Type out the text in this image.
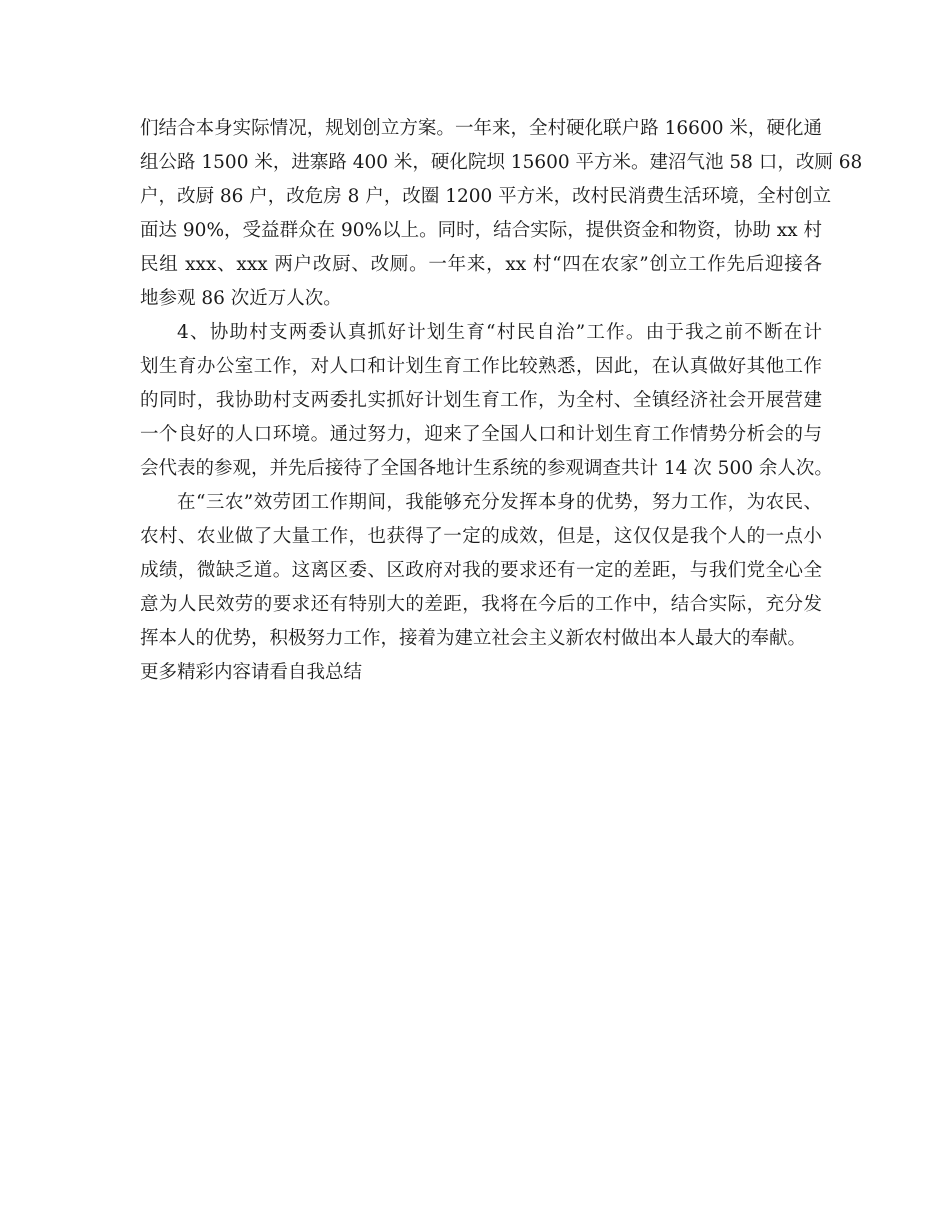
们结合本身实际情况，规划创立方案。一年来，全村硬化联户路 16600 米，硬化通
组公路 1500 米，进寨路 400 米，硬化院坝 15600 平方米。建沼气池 58 口，改厕 68
户，改厨 86 户，改危房 8 户，改圈 1200 平方米，改村民消费生活环境，全村创立
面达 90%，受益群众在 90%以上。同时，结合实际，提供资金和物资，协助 xx 村
民组 xxx、xxx 两户改厨、改厕。一年来，xx 村“四在农家”创立工作先后迎接各
地参观 86 次近万人次。
4、协助村支两委认真抓好计划生育“村民自治”工作。由于我之前不断在计
划生育办公室工作，对人口和计划生育工作比较熟悉，因此，在认真做好其他工作
的同时，我协助村支两委扎实抓好计划生育工作，为全村、全镇经济社会开展营建
一个良好的人口环境。通过努力，迎来了全国人口和计划生育工作情势分析会的与
会代表的参观，并先后接待了全国各地计生系统的参观调查共计 14 次 500 余人次。
在“三农”效劳团工作期间，我能够充分发挥本身的优势，努力工作，为农民、
农村、农业做了大量工作，也获得了一定的成效，但是，这仅仅是我个人的一点小
成绩，微缺乏道。这离区委、区政府对我的要求还有一定的差距，与我们党全心全
意为人民效劳的要求还有特别大的差距，我将在今后的工作中，结合实际，充分发
挥本人的优势，积极努力工作，接着为建立社会主义新农村做出本人最大的奉献。
更多精彩内容请看自我总结
